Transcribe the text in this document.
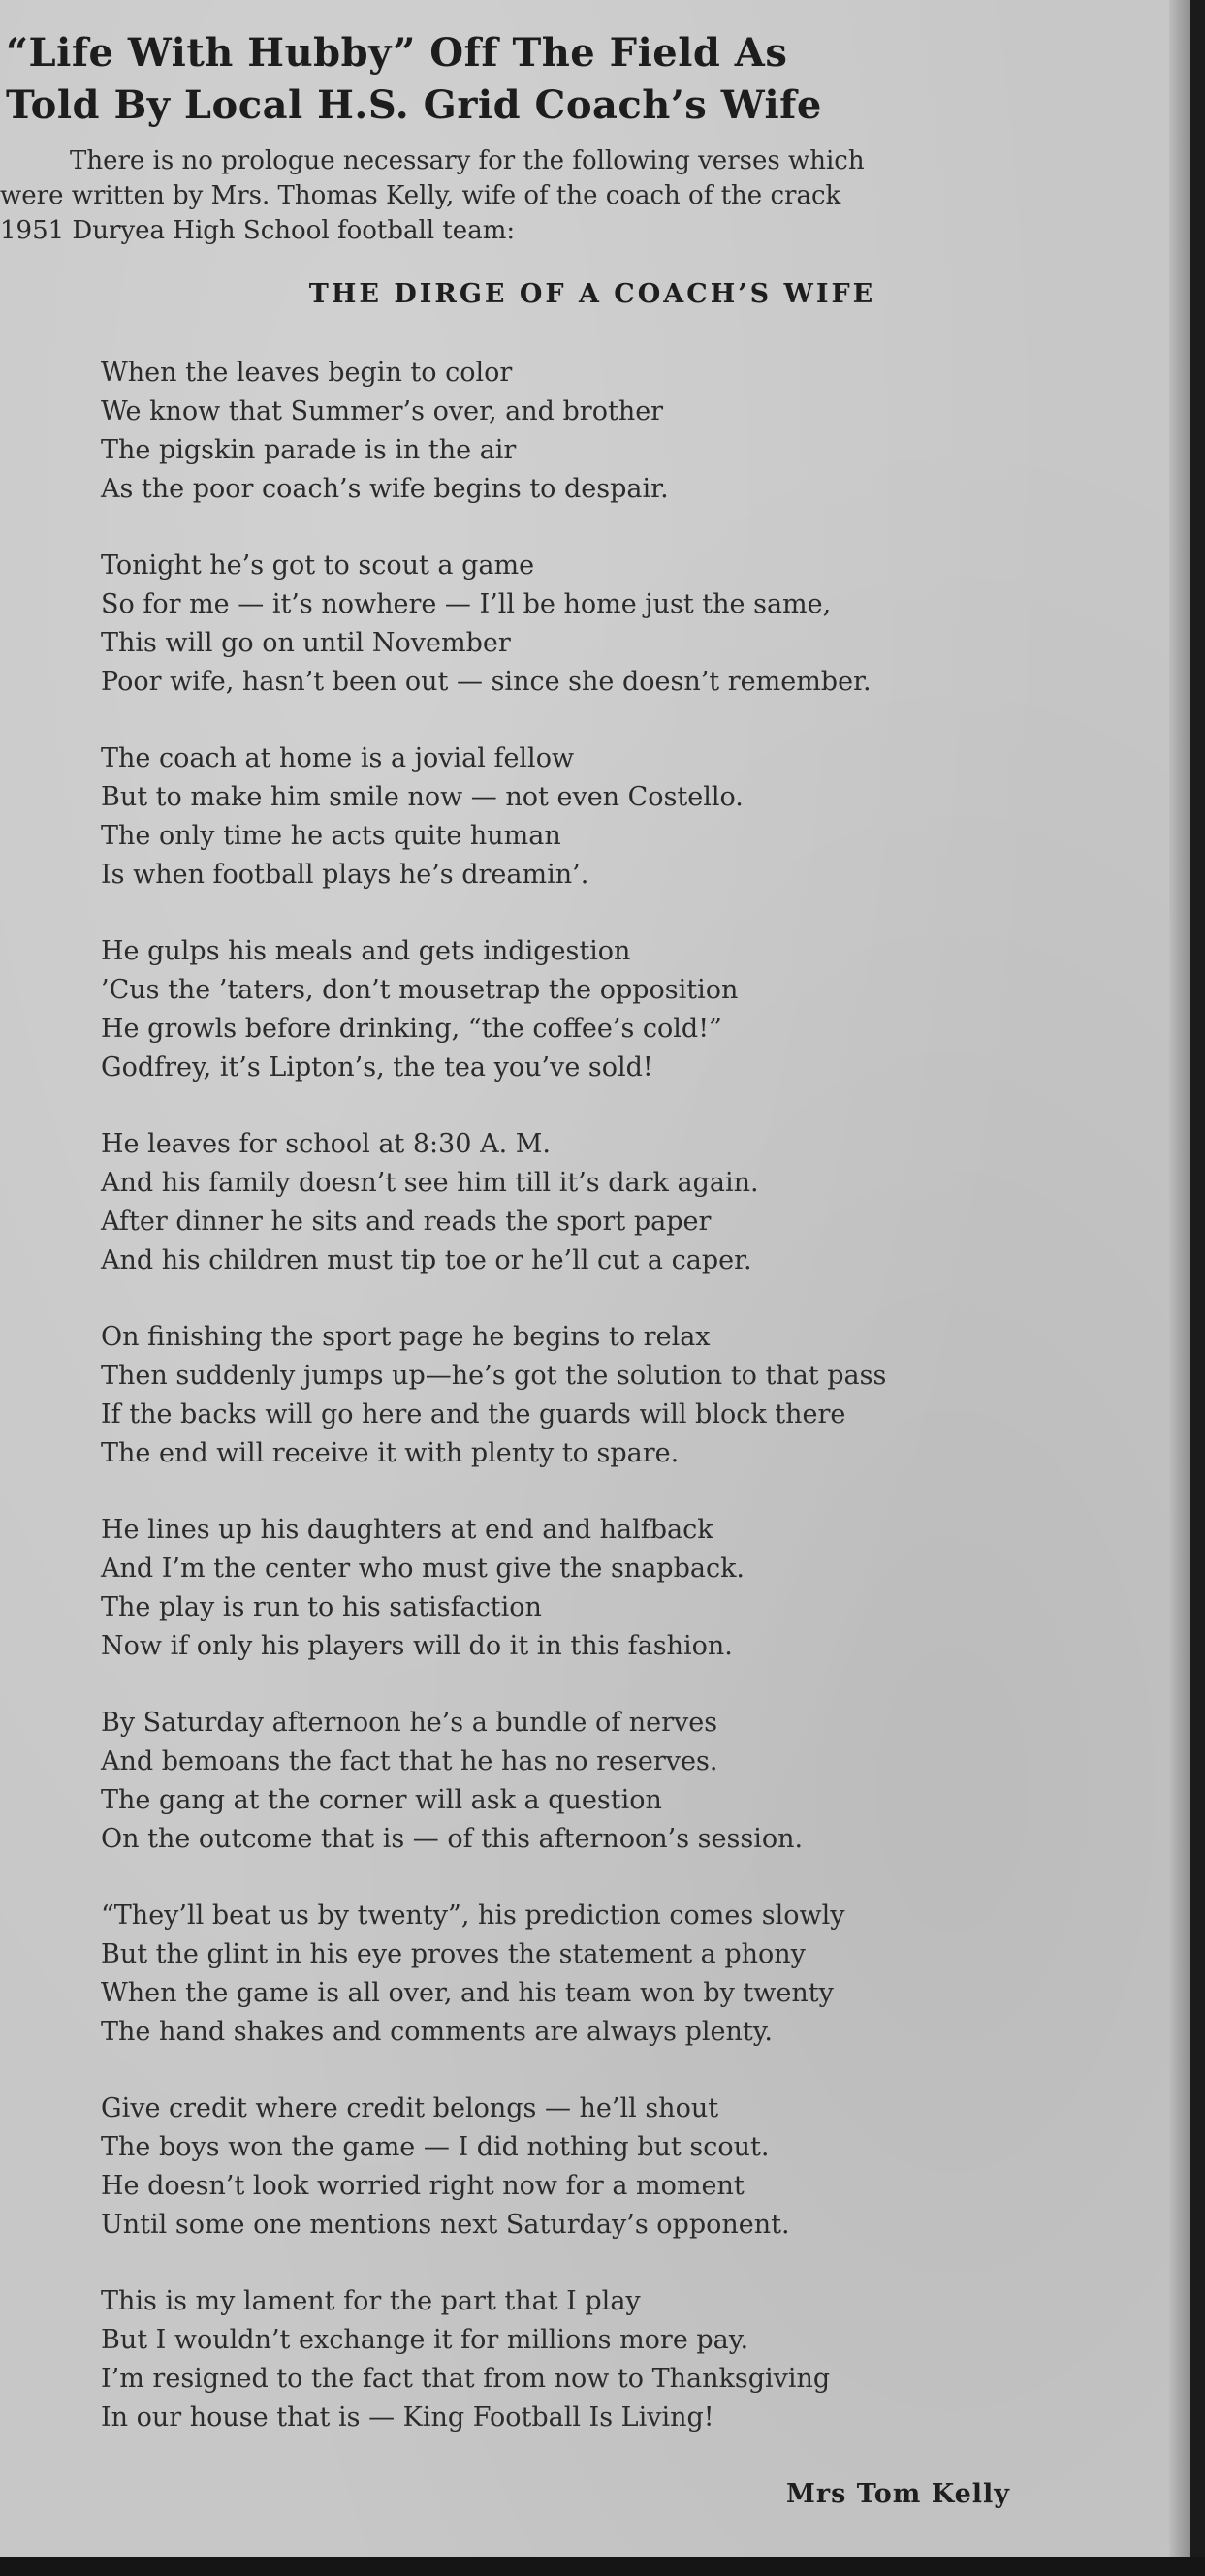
“Life With Hubby” Off The Field As
Told By Local H.S. Grid Coach’s Wife
There is no prologue necessary for the following verses which
were written by Mrs. Thomas Kelly, wife of the coach of the crack
1951 Duryea High School football team:
THE DIRGE OF A COACH’S WIFE
When the leaves begin to color
We know that Summer’s over, and brother
The pigskin parade is in the air
As the poor coach’s wife begins to despair.
Tonight he’s got to scout a game
So for me — it’s nowhere — I’ll be home just the same,
This will go on until November
Poor wife, hasn’t been out — since she doesn’t remember.
The coach at home is a jovial fellow
But to make him smile now — not even Costello.
The only time he acts quite human
Is when football plays he’s dreamin’.
He gulps his meals and gets indigestion
’Cus the ’taters, don’t mousetrap the opposition
He growls before drinking, “the coffee’s cold!”
Godfrey, it’s Lipton’s, the tea you’ve sold!
He leaves for school at 8:30 A. M.
And his family doesn’t see him till it’s dark again.
After dinner he sits and reads the sport paper
And his children must tip toe or he’ll cut a caper.
On finishing the sport page he begins to relax
Then suddenly jumps up—he’s got the solution to that pass
If the backs will go here and the guards will block there
The end will receive it with plenty to spare.
He lines up his daughters at end and halfback
And I’m the center who must give the snapback.
The play is run to his satisfaction
Now if only his players will do it in this fashion.
By Saturday afternoon he’s a bundle of nerves
And bemoans the fact that he has no reserves.
The gang at the corner will ask a question
On the outcome that is — of this afternoon’s session.
“They’ll beat us by twenty”, his prediction comes slowly
But the glint in his eye proves the statement a phony
When the game is all over, and his team won by twenty
The hand shakes and comments are always plenty.
Give credit where credit belongs — he’ll shout
The boys won the game — I did nothing but scout.
He doesn’t look worried right now for a moment
Until some one mentions next Saturday’s opponent.
This is my lament for the part that I play
But I wouldn’t exchange it for millions more pay.
I’m resigned to the fact that from now to Thanksgiving
In our house that is — King Football Is Living!
Mrs Tom Kelly
